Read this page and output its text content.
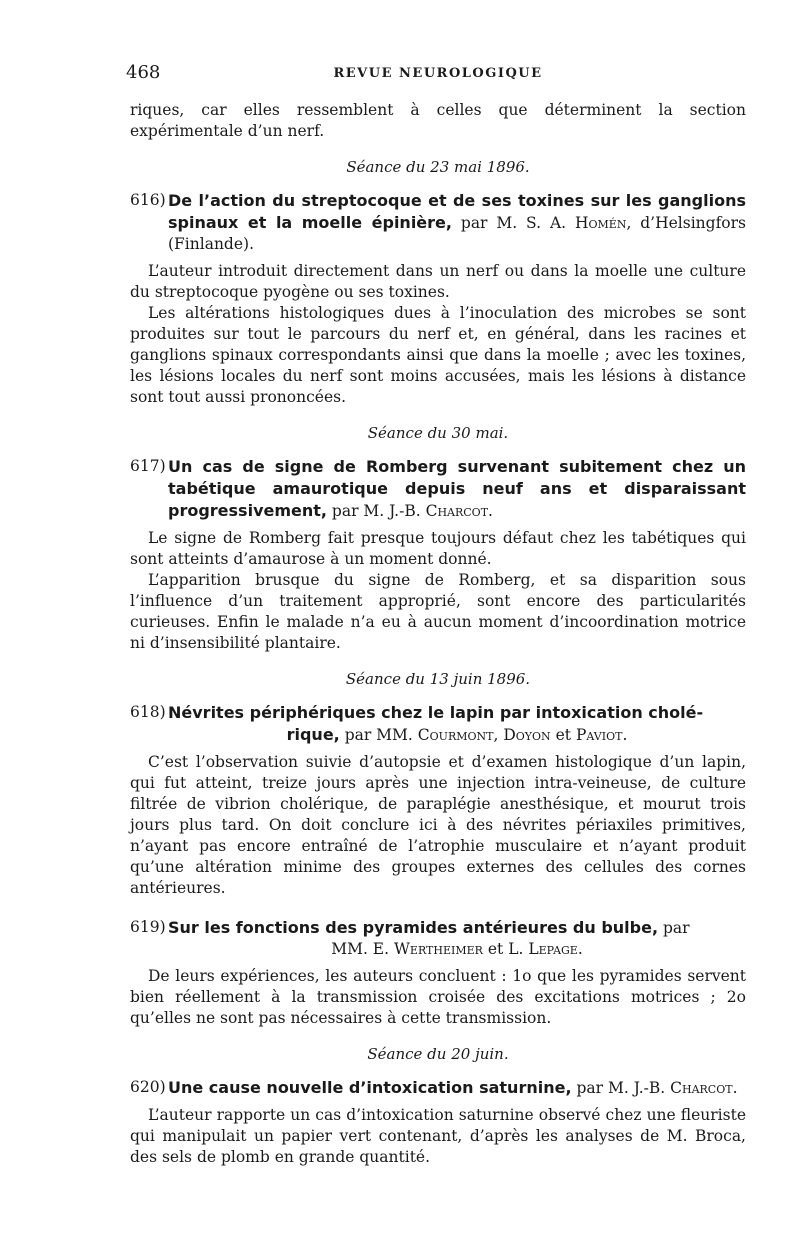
468	REVUE NEUROLOGIQUE

riques, car elles ressemblent à celles que déterminent la section expérimentale d’un nerf.

Séance du 23 mai 1896.
616) De l’action du streptocoque et de ses toxines sur les ganglions spinaux et la moelle épinière, par M. S. A. Homén, d’Helsingfors (Finlande).

L’auteur introduit directement dans un nerf ou dans la moelle une culture du streptocoque pyogène ou ses toxines.

Les altérations histologiques dues à l’inoculation des microbes se sont produites sur tout le parcours du nerf et, en général, dans les racines et ganglions spinaux correspondants ainsi que dans la moelle ; avec les toxines, les lésions locales du nerf sont moins accusées, mais les lésions à distance sont tout aussi prononcées.

Séance du 30 mai.
617) Un cas de signe de Romberg survenant subitement chez un tabétique amaurotique depuis neuf ans et disparaissant progressivement, par M. J.-B. Charcot.

Le signe de Romberg fait presque toujours défaut chez les tabétiques qui sont atteints d’amaurose à un moment donné.

L’apparition brusque du signe de Romberg, et sa disparition sous l’influence d’un traitement approprié, sont encore des particularités curieuses. Enfin le malade n’a eu à aucun moment d’incoordination motrice ni d’insensibilité plantaire.

Séance du 13 juin 1896.
618) Névrites périphériques chez le lapin par intoxication cholé-
rique, par MM. Courmont, Doyon et Paviot.

C’est l’observation suivie d’autopsie et d’examen histologique d’un lapin, qui fut atteint, treize jours après une injection intra-veineuse, de culture filtrée de vibrion cholérique, de paraplégie anesthésique, et mourut trois jours plus tard. On doit conclure ici à des névrites périaxiles primitives, n’ayant pas encore entraîné de l’atrophie musculaire et n’ayant produit qu’une altération minime des groupes externes des cellules des cornes antérieures.

619) Sur les fonctions des pyramides antérieures du bulbe, par
MM. E. Wertheimer et L. Lepage.

De leurs expériences, les auteurs concluent : 1o que les pyramides servent bien réellement à la transmission croisée des excitations motrices ; 2o qu’elles ne sont pas nécessaires à cette transmission.

Séance du 20 juin.
620) Une cause nouvelle d’intoxication saturnine, par M. J.-B. Charcot.

L’auteur rapporte un cas d’intoxication saturnine observé chez une fleuriste qui manipulait un papier vert contenant, d’après les analyses de M. Broca, des sels de plomb en grande quantité.
